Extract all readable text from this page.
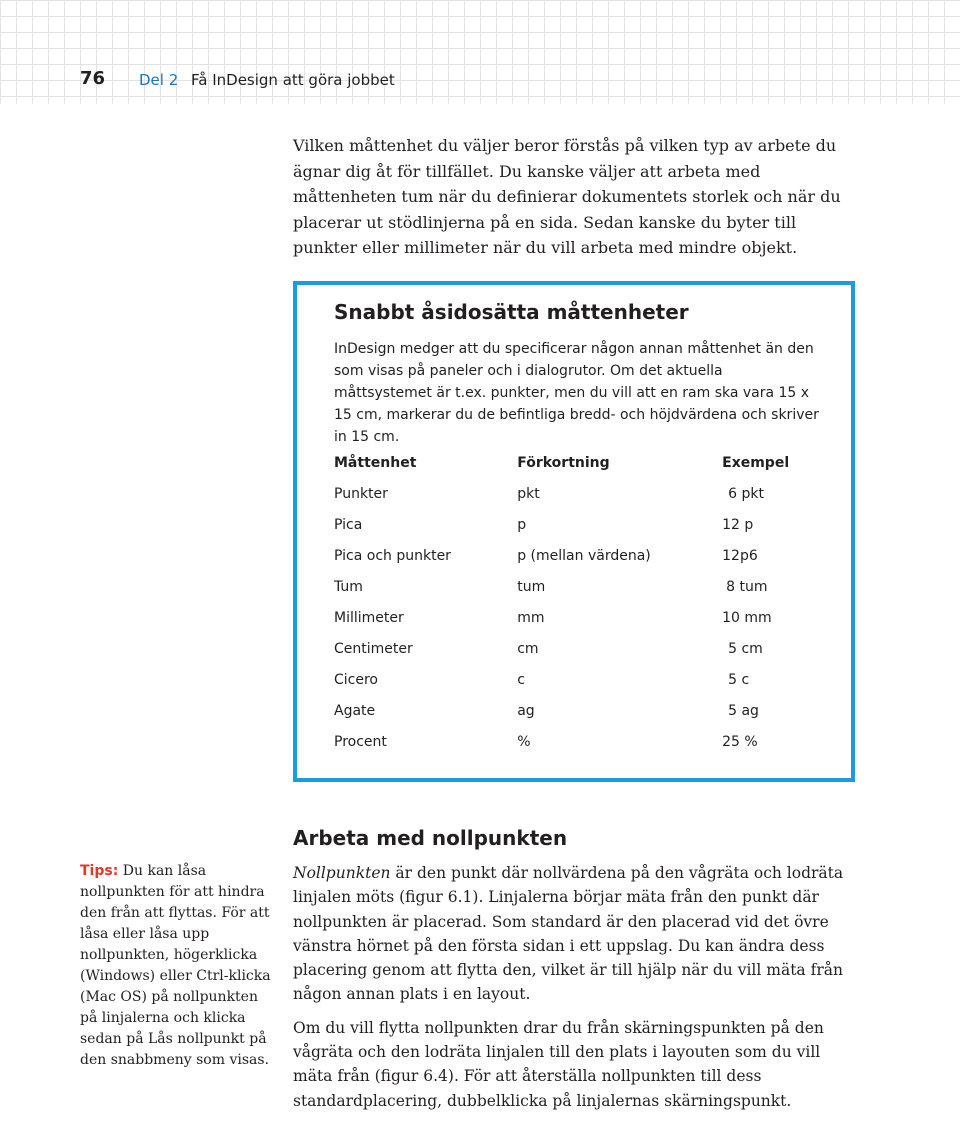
76 Del 2 Få InDesign att göra jobbet

Vilken måttenhet du väljer beror förstås på vilken typ av arbete du ägnar dig åt för tillfället. Du kanske väljer att arbeta med måttenheten tum när du definierar dokumentets storlek och när du placerar ut stödlinjerna på en sida. Sedan kanske du byter till punkter eller millimeter när du vill arbeta med mindre objekt.

Snabbt åsidosätta måttenheter

InDesign medger att du specificerar någon annan måttenhet än den som visas på paneler och i dialogrutor. Om det aktuella måttsystemet är t.ex. punkter, men du vill att en ram ska vara 15 x 15 cm, markerar du de befintliga bredd- och höjdvärdena och skriver in 15 cm.

Måttenhet	Förkortning	Exempel
Punkter	pkt	6 pkt
Pica	p	12 p
Pica och punkter	p (mellan värdena)	12p6
Tum	tum	8 tum
Millimeter	mm	10 mm
Centimeter	cm	5 cm
Cicero	c	5 c
Agate	ag	5 ag
Procent	%	25 %

Tips: Du kan låsa nollpunkten för att hindra den från att flyttas. För att låsa eller låsa upp nollpunkten, högerklicka (Windows) eller Ctrl-klicka (Mac OS) på nollpunkten på linjalerna och klicka sedan på Lås nollpunkt på den snabbmeny som visas.

Arbeta med nollpunkten

Nollpunkten är den punkt där nollvärdena på den vågräta och lodräta linjalen möts (figur 6.1). Linjalerna börjar mäta från den punkt där nollpunkten är placerad. Som standard är den placerad vid det övre vänstra hörnet på den första sidan i ett uppslag. Du kan ändra dess placering genom att flytta den, vilket är till hjälp när du vill mäta från någon annan plats i en layout.

Om du vill flytta nollpunkten drar du från skärningspunkten på den vågräta och den lodräta linjalen till den plats i layouten som du vill mäta från (figur 6.4). För att återställa nollpunkten till dess standardplacering, dubbelklicka på linjalernas skärningspunkt.
